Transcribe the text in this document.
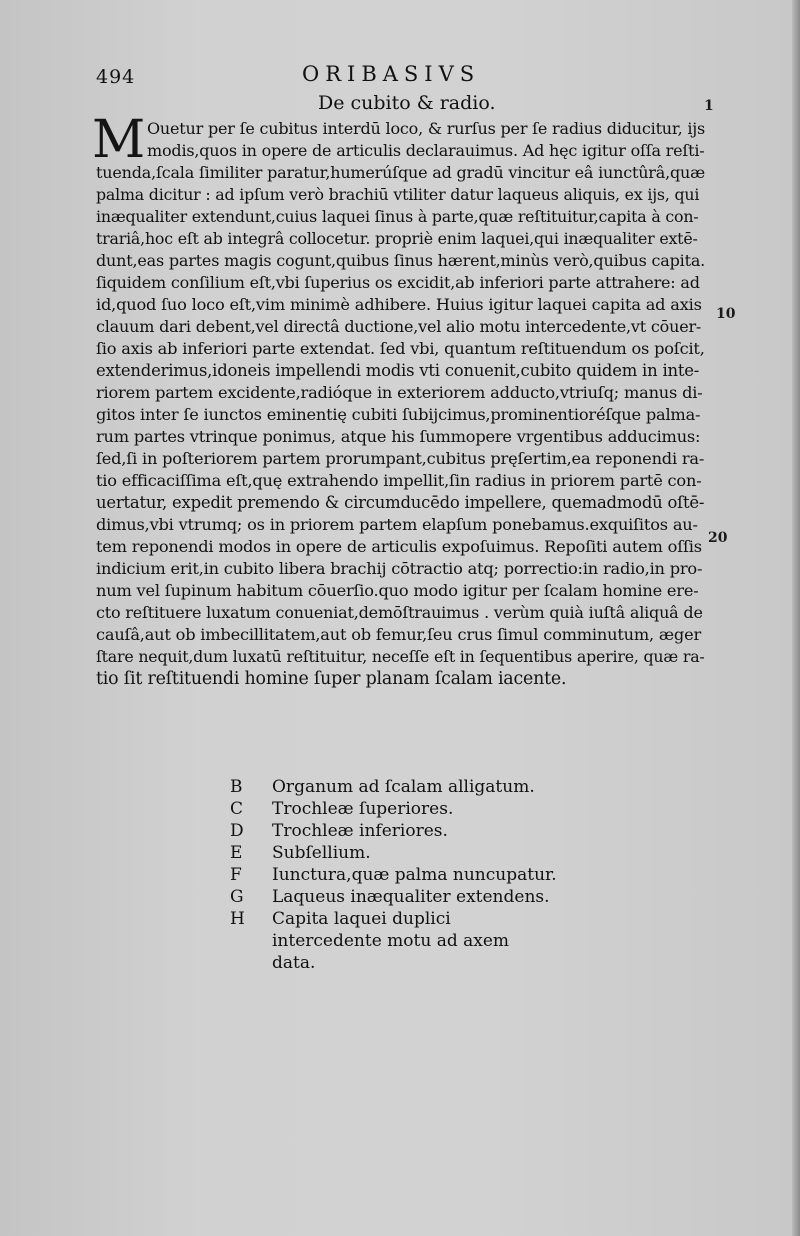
494	ORIBASIVS
De cubito & radio.	1
10
20
M Ouetur per ſe cubitus interdū loco, & rurſus per ſe radius diducitur, ijs
modis,quos in opere de articulis declarauimus. Ad hęc igitur oſſa reſti-
tuenda,ſcala ſimiliter paratur,humerúſque ad gradū vincitur eâ iunctûrâ,quæ
palma dicitur : ad ipſum verò brachiū vtiliter datur laqueus aliquis, ex ijs, qui
inæqualiter extendunt,cuius laquei ſinus à parte,quæ reſtituitur,capita à con-
trariâ,hoc eſt ab integrâ collocetur. propriè enim laquei,qui inæqualiter extē-
dunt,eas partes magis cogunt,quibus ſinus hærent,minùs verò,quibus capita.
ſiquidem conſilium eſt,vbi ſuperius os excidit,ab inferiori parte attrahere: ad
id,quod ſuo loco eſt,vim minimè adhibere. Huius igitur laquei capita ad axis
clauum dari debent,vel directâ ductione,vel alio motu intercedente,vt cōuer-
ſio axis ab inferiori parte extendat. ſed vbi, quantum reſtituendum os poſcit,
extenderimus,idoneis impellendi modis vti conuenit,cubito quidem in inte-
riorem partem excidente,radióque in exteriorem adducto,vtriuſq; manus di-
gitos inter ſe iunctos eminentię cubiti ſubijcimus,prominentioréſque palma-
rum partes vtrinque ponimus, atque his ſummopere vrgentibus adducimus:
ſed,ſi in poſteriorem partem prorumpant,cubitus pręſertim,ea reponendi ra-
tio efficaciſſima eſt,quę extrahendo impellit,ſin radius in priorem partē con-
uertatur, expedit premendo & circumducēdo impellere, quemadmodū oſtē-
dimus,vbi vtrumq; os in priorem partem elapſum ponebamus.exquiſitos au-
tem reponendi modos in opere de articulis expoſuimus. Repoſiti autem oſſis
indicium erit,in cubito libera brachij cōtractio atq; porrectio:in radio,in pro-
num vel ſupinum habitum cōuerſio.quo modo igitur per ſcalam homine ere-
cto reſtituere luxatum conueniat,demōſtrauimus . verùm quià iuſtâ aliquâ de
cauſâ,aut ob imbecillitatem,aut ob femur,ſeu crus ſimul comminutum, æger
ſtare nequit,dum luxatū reſtituitur, neceſſe eſt in ſequentibus aperire, quæ ra-
tio ſit reſtituendi homine ſuper planam ſcalam iacente.
B	Organum ad ſcalam alligatum.
C	Trochleæ ſuperiores.
D	Trochleæ inferiores.
E	Subſellium.
F	Iunctura,quæ palma nuncupatur.
G	Laqueus inæqualiter extendens.
H	Capita laquei duplici intercedente motu ad axem data.
